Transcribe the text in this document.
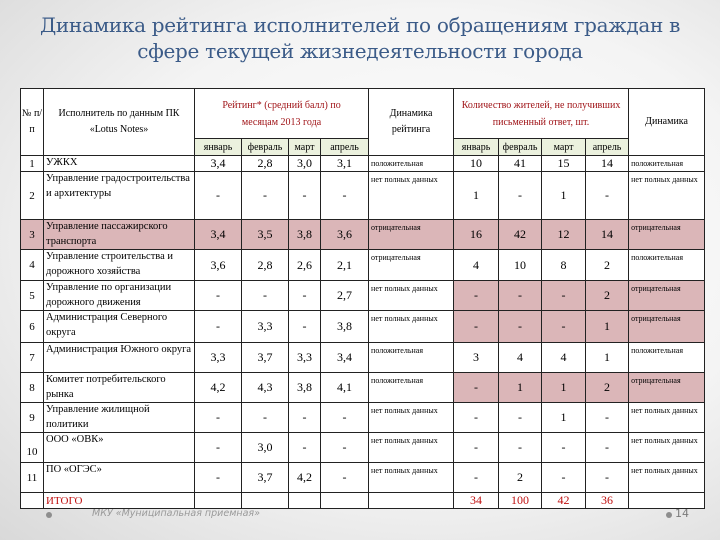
Динамика рейтинга исполнителей по обращениям граждан в
сфере текущей жизнедеятельности города
№ п/п	Исполнитель по данным ПК «Lotus Notes»	Рейтинг* (средний балл) по месяцам 2013 года				Динамика рейтинга	Количество жителей, не получивших письменный ответ, шт.				Динамика
		январь	февраль	март	апрель		январь	февраль	март	апрель	
1	УЖКХ	3,4	2,8	3,0	3,1	положительная	10	41	15	14	положительная
2	Управление градостроительства и архитектуры	-	-	-	-	нет полных данных	1	-	1	-	нет полных данных
3	Управление пассажирского транспорта	3,4	3,5	3,8	3,6	отрицательная	16	42	12	14	отрицательная
4	Управление строительства и дорожного хозяйства	3,6	2,8	2,6	2,1	отрицательная	4	10	8	2	положительная
5	Управление по организации дорожного движения	-	-	-	2,7	нет полных данных	-	-	-	2	отрицательная
6	Администрация Северного округа	-	3,3	-	3,8	нет полных данных	-	-	-	1	отрицательная
7	Администрация Южного округа	3,3	3,7	3,3	3,4	положительная	3	4	4	1	положительная
8	Комитет потребительского рынка	4,2	4,3	3,8	4,1	положительная	-	1	1	2	отрицательная
9	Управление жилищной политики	-	-	-	-	нет полных данных	-	-	1	-	нет полных данных
10	ООО «ОВК»	-	3,0	-	-	нет полных данных	-	-	-	-	нет полных данных
11	ПО «ОГЭС»	-	3,7	4,2	-	нет полных данных	-	2	-	-	нет полных данных
	ИТОГО						34	100	42	36	
МКУ «Муниципальная приемная»	14
